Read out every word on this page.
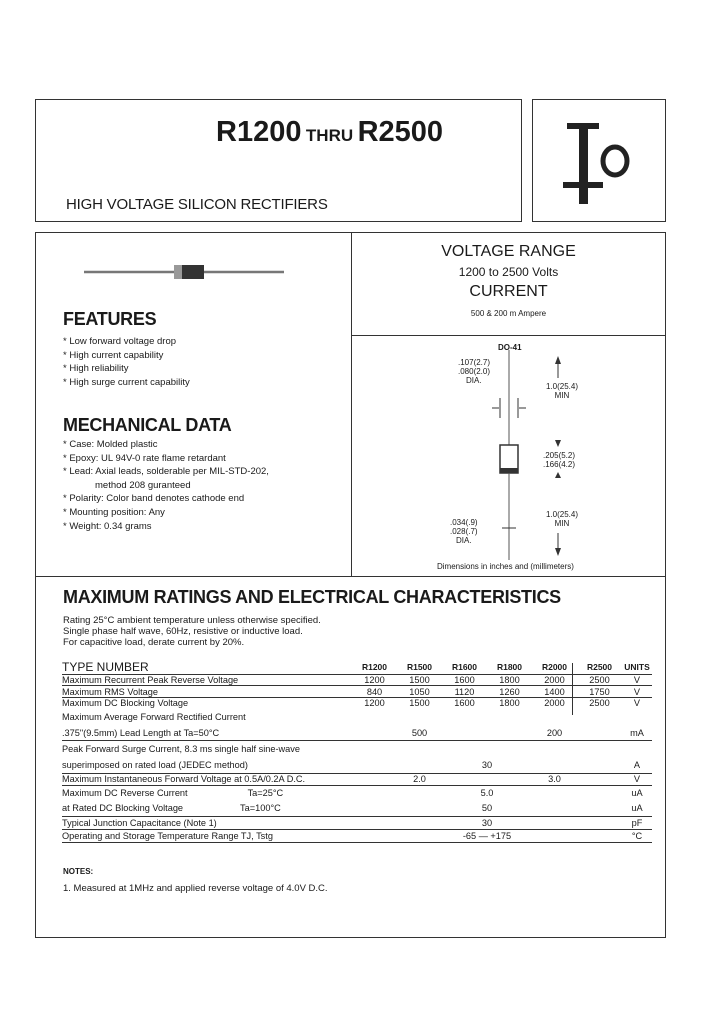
R1200 THRU R2500
HIGH VOLTAGE SILICON RECTIFIERS
FEATURES
* Low forward voltage drop
* High current capability
* High reliability
* High surge current capability
MECHANICAL DATA
* Case: Molded plastic
* Epoxy: UL 94V-0 rate flame retardant
* Lead: Axial leads, solderable per MIL-STD-202,
method 208 guranteed
* Polarity: Color band denotes cathode end
* Mounting position: Any
* Weight: 0.34 grams
VOLTAGE RANGE
1200 to 2500 Volts
CURRENT
500 & 200 m Ampere
DO-41
.107(2.7)
.080(2.0)
DIA.
1.0(25.4)
MIN
.205(5.2)
.166(4.2)
.034(.9)
.028(.7)
DIA.
1.0(25.4)
MIN
Dimensions in inches and (millimeters)
MAXIMUM RATINGS AND ELECTRICAL CHARACTERISTICS
Rating 25°C ambient temperature unless otherwise specified.
Single phase half wave, 60Hz, resistive or inductive load.
For capacitive load, derate current by 20%.
TYPE NUMBER	R1200	R1500	R1600	R1800	R2000	R2500	UNITS
Maximum Recurrent Peak Reverse Voltage	1200	1500	1600	1800	2000	2500	V
Maximum RMS Voltage	840	1050	1120	1260	1400	1750	V
Maximum DC Blocking Voltage	1200	1500	1600	1800	2000	2500	V
Maximum Average Forward Rectified Current							
.375"(9.5mm) Lead Length at Ta=50°C	500			200			mA
Peak Forward Surge Current, 8.3 ms single half sine-wave							
superimposed on rated load (JEDEC method)	30						A
Maximum Instantaneous Forward Voltage at 0.5A/0.2A D.C.	2.0			3.0			V
Maximum DC Reverse Current Ta=25°C	5.0						uA
at Rated DC Blocking Voltage Ta=100°C	50						uA
Typical Junction Capacitance (Note 1)	30						pF
Operating and Storage Temperature Range TJ, Tstg	-65 — +175						°C

NOTES:
1. Measured at 1MHz and applied reverse voltage of 4.0V D.C.
